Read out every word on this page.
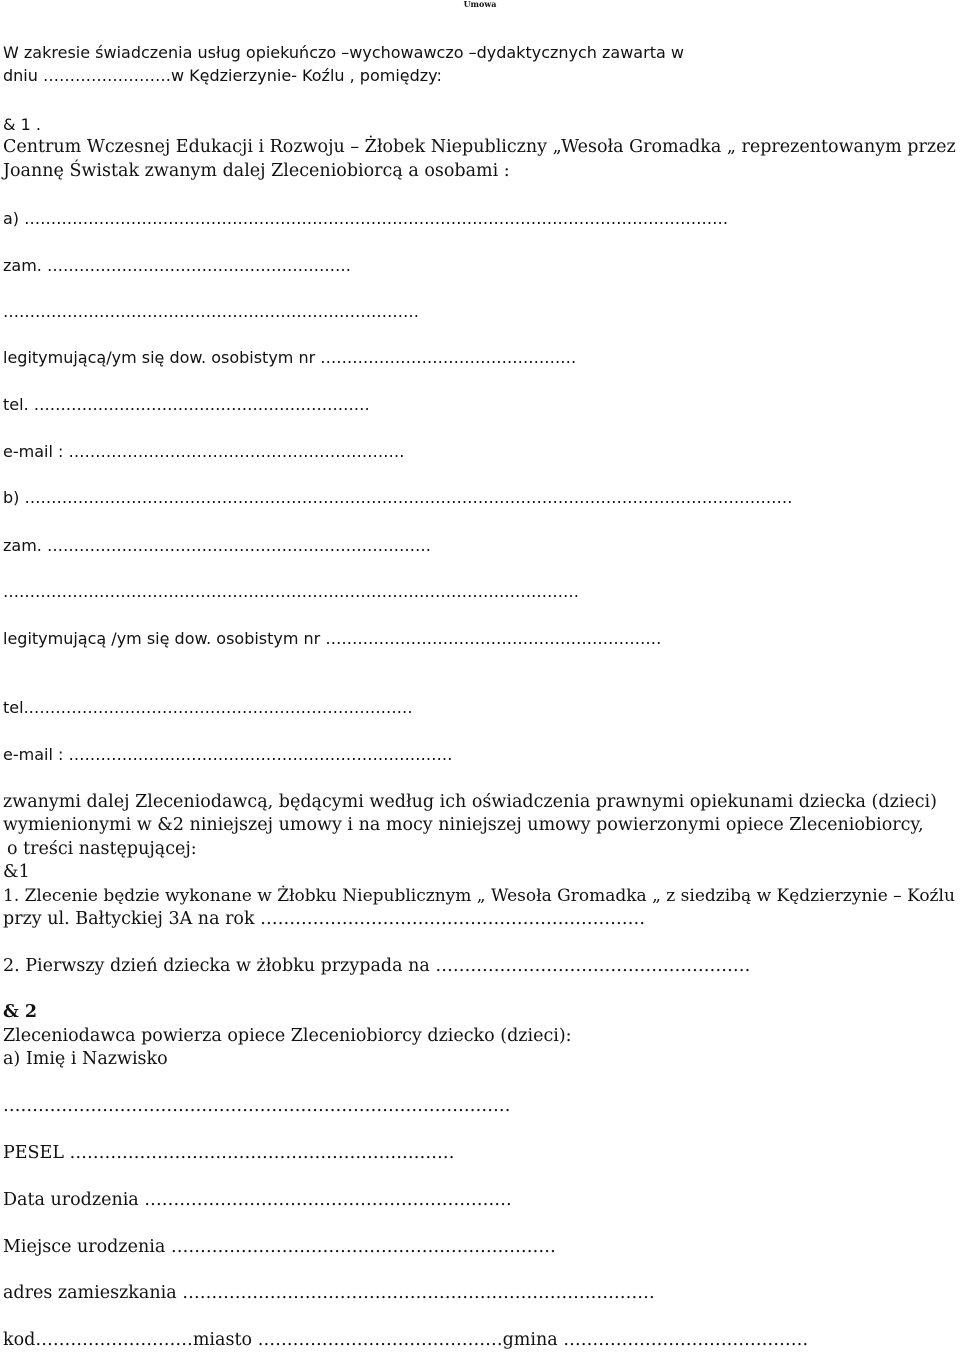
Umowa
W zakresie świadczenia usług opiekuńczo –wychowawczo –dydaktycznych zawarta w
dniu ……………………w Kędzierzynie- Koźlu , pomiędzy:
& 1 .
Centrum Wczesnej Edukacji i Rozwoju – Żłobek Niepubliczny „Wesoła Gromadka „ reprezentowanym przez
Joannę Świstak zwanym dalej Zleceniobiorcą a osobami :
a) ……………………………………………………………………………………………………………………
zam. …………………………………………………
……………………………………………………………………
legitymującą/ym się dow. osobistym nr …………………………………………
tel. ………………………………………………………
e-mail : ………………………………………………………
b) ………………………………………………………………………………………………………………………………
zam. ………………………………………………………………
………………………………………………………………………………………………
legitymującą /ym się dow. osobistym nr ………………………………………………………
tel.………………………………………………………………
e-mail : ………………………………………………………………
zwanymi dalej Zleceniodawcą, będącymi według ich oświadczenia prawnymi opiekunami dziecka (dzieci)
wymienionymi w &2 niniejszej umowy i na mocy niniejszej umowy powierzonymi opiece Zleceniobiorcy,
o treści następującej:
&1
1. Zlecenie będzie wykonane w Żłobku Niepublicznym „ Wesoła Gromadka „ z siedzibą w Kędzierzynie – Koźlu
przy ul. Bałtyckiej 3A na rok …………………………………………………………
2. Pierwszy dzień dziecka w żłobku przypada na ………………………………………………
& 2
Zleceniodawca powierza opiece Zleceniobiorcy dziecko (dzieci):
a) Imię i Nazwisko
……………………………………………………………………………
PESEL …………………………………………………………
Data urodzenia ………………………………………………………
Miejsce urodzenia …………………………………………………………
adres zamieszkania ………………………………………………………………………
kod………………………miasto ……………………………………gmina ……………………………………
